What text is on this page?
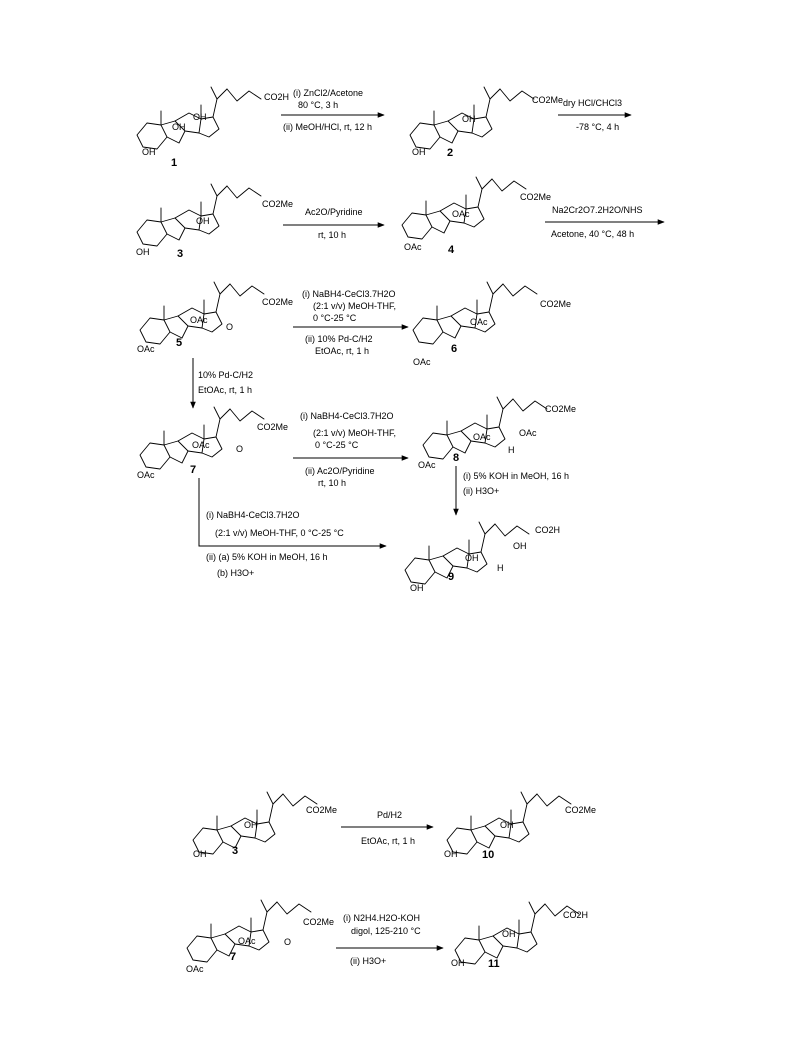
OH
OH
CO2H
OH
1
(i) ZnCl2/Acetone
80 °C, 3 h
(ii) MeOH/HCl, rt, 12 h
OH
CO2Me
OH
2
dry HCl/CHCl3
-78 °C, 4 h
OH
CO2Me
OH
3
Ac2O/Pyridine
rt, 10 h
OAc
CO2Me
OAc
4
Na2Cr2O7.2H2O/NHS
Acetone, 40 °C, 48 h
OAc
CO2Me
O
OAc
5
(i) NaBH4-CeCl3.7H2O
(2:1 v/v) MeOH-THF,
0 °C-25 °C
(ii) 10% Pd-C/H2
EtOAc, rt, 1 h
OAc
CO2Me
OAc
6
10% Pd-C/H2
EtOAc, rt, 1 h
OAc
CO2Me
O
OAc
7
(i) NaBH4-CeCl3.7H2O
(2:1 v/v) MeOH-THF,
0 °C-25 °C
(ii) Ac2O/Pyridine
rt, 10 h
OAc
CO2Me
OAc
H
OAc
8
(i) 5% KOH in MeOH, 16 h
(ii) H3O+
(i) NaBH4-CeCl3.7H2O
(2:1 v/v) MeOH-THF, 0 °C-25 °C
(ii) (a) 5% KOH in MeOH, 16 h
(b) H3O+
OH
CO2H
OH
H
OH
9
OH
CO2Me
OH
3
Pd/H2
EtOAc, rt, 1 h
OH
CO2Me
OH
10
OAc
CO2Me
O
OAc
7
(i) N2H4.H2O-KOH
digol, 125-210 °C
(ii) H3O+	OH
CO2H
OH
11
